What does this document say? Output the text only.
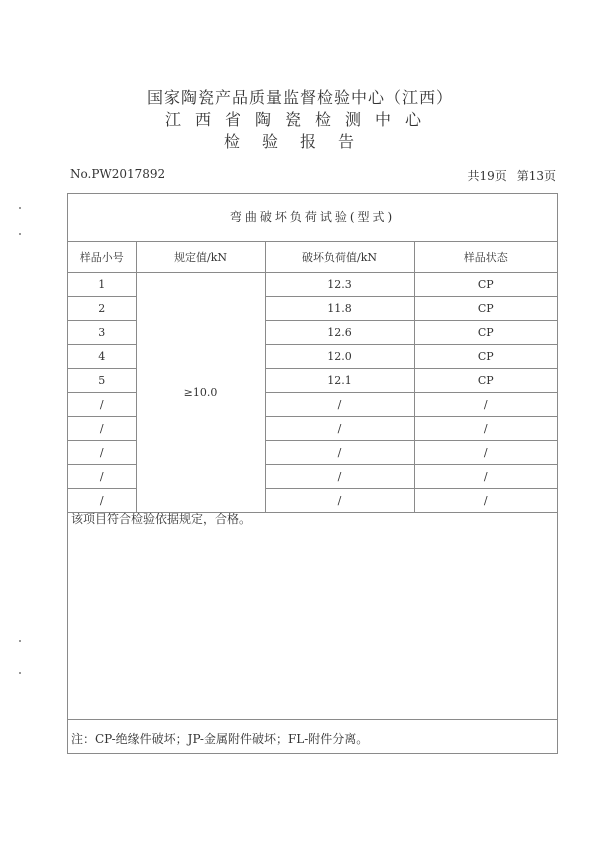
国家陶瓷产品质量监督检验中心（江西）
江西省陶瓷检测中心
检验报告
No.PW2017892	共19页 第13页
弯曲破坏负荷试验(型式)
样品小号	规定值/kN	破坏负荷值/kN	样品状态
1	≥10.0	12.3	CP
2		11.8	CP
3		12.6	CP
4		12.0	CP
5		12.1	CP
/		/	/
/		/	/
/		/	/
/		/	/
/		/	/
该项目符合检验依据规定，合格。
注：CP-绝缘件破坏；JP-金属附件破坏；FL-附件分离。
